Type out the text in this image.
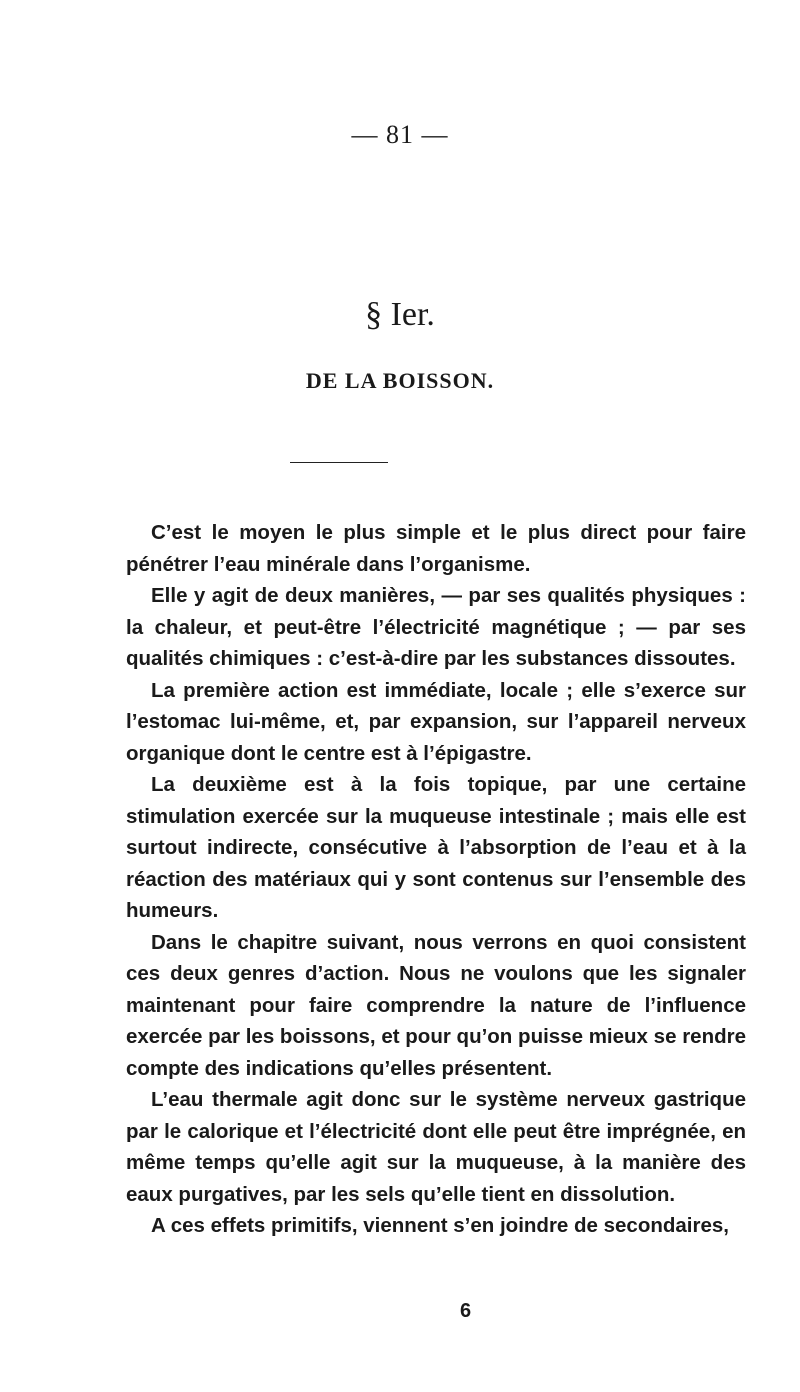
— 81 —
§ Ier.
DE LA BOISSON.

C’est le moyen le plus simple et le plus direct pour faire pénétrer l’eau minérale dans l’organisme.

Elle y agit de deux manières, — par ses qualités physiques : la chaleur, et peut-être l’électricité magnétique ; — par ses qualités chimiques : c’est-à-dire par les substances dissoutes.

La première action est immédiate, locale ; elle s’exerce sur l’estomac lui-même, et, par expansion, sur l’appareil nerveux organique dont le centre est à l’épigastre.

La deuxième est à la fois topique, par une certaine stimulation exercée sur la muqueuse intestinale ; mais elle est surtout indirecte, consécutive à l’absorption de l’eau et à la réaction des matériaux qui y sont contenus sur l’ensemble des humeurs.

Dans le chapitre suivant, nous verrons en quoi consistent ces deux genres d’action. Nous ne voulons que les signaler maintenant pour faire comprendre la nature de l’influence exercée par les boissons, et pour qu’on puisse mieux se rendre compte des indications qu’elles présentent.

L’eau thermale agit donc sur le système nerveux gastrique par le calorique et l’électricité dont elle peut être imprégnée, en même temps qu’elle agit sur la muqueuse, à la manière des eaux purgatives, par les sels qu’elle tient en dissolution.

A ces effets primitifs, viennent s’en joindre de secondaires,

6
